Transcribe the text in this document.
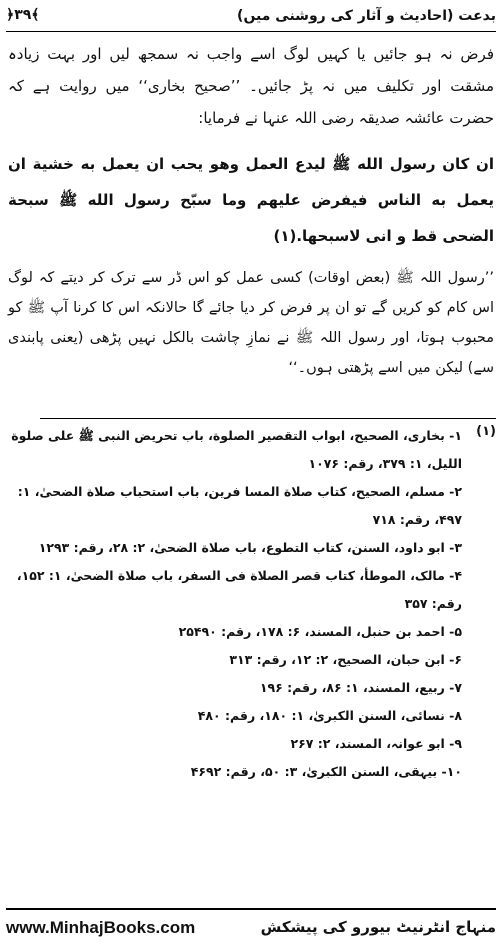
بدعت (احادیث و آثار کی روشنی میں)
﴿۳۹﴾
فرض نہ ہو جائیں یا کہیں لوگ اسے واجب نہ سمجھ لیں اور بہت زیادہ مشقت اور تکلیف میں نہ پڑ جائیں۔ ’’صحیح بخاری‘‘ میں روایت ہے کہ حضرت عائشہ صدیقہ رضی اللہ عنہا نے فرمایا:
ان كان رسول الله ﷺ ليدع العمل وهو يحب ان يعمل به خشية ان يعمل به الناس فيفرض عليهم وما سبّح رسول الله ﷺ سبحة الضحى قط و انى لاسبحها.(۱)
’’رسول اللہ ﷺ (بعض اوقات) کسی عمل کو اس ڈر سے ترک کر دیتے کہ لوگ اس کام کو کریں گے تو ان پر فرض کر دیا جائے گا حالانکہ اس کا کرنا آپ ﷺ کو محبوب ہوتا، اور رسول اللہ ﷺ نے نمازِ چاشت بالکل نہیں پڑھی (یعنی پابندی سے) لیکن میں اسے پڑھتی ہوں۔‘‘
(۱)
۱- بخاری، الصحیح، ابواب التقصیر الصلوة، باب تحریض النبی ﷺ علی صلوة اللیل، ۱: ۳۷۹، رقم: ۱۰۷۶
۲- مسلم، الصحیح، کتاب صلاة المسا فرین، باب استحباب صلاة الضحیٰ، ۱: ۴۹۷، رقم: ۷۱۸
۳- ابو داود، السنن، کتاب التطوع، باب صلاة الضحیٰ، ۲: ۲۸، رقم: ۱۲۹۳
۴- مالک، الموطأ، کتاب قصر الصلاة فی السفر، باب صلاة الضحیٰ، ۱: ۱۵۲، رقم: ۳۵۷
۵- احمد بن حنبل، المسند، ۶: ۱۷۸، رقم: ۲۵۴۹۰
۶- ابن حبان، الصحیح، ۲: ۱۲، رقم: ۳۱۳
۷- ربیع، المسند، ۱: ۸۶، رقم: ۱۹۶
۸- نسائی، السنن الکبریٰ، ۱: ۱۸۰، رقم: ۴۸۰
۹- ابو عوانہ، المسند، ۲: ۲۶۷
۱۰- بیہقی، السنن الکبریٰ، ۳: ۵۰، رقم: ۴۶۹۲
www.MinhajBooks.com	منہاج انٹرنیٹ بیورو کی پیشکش
